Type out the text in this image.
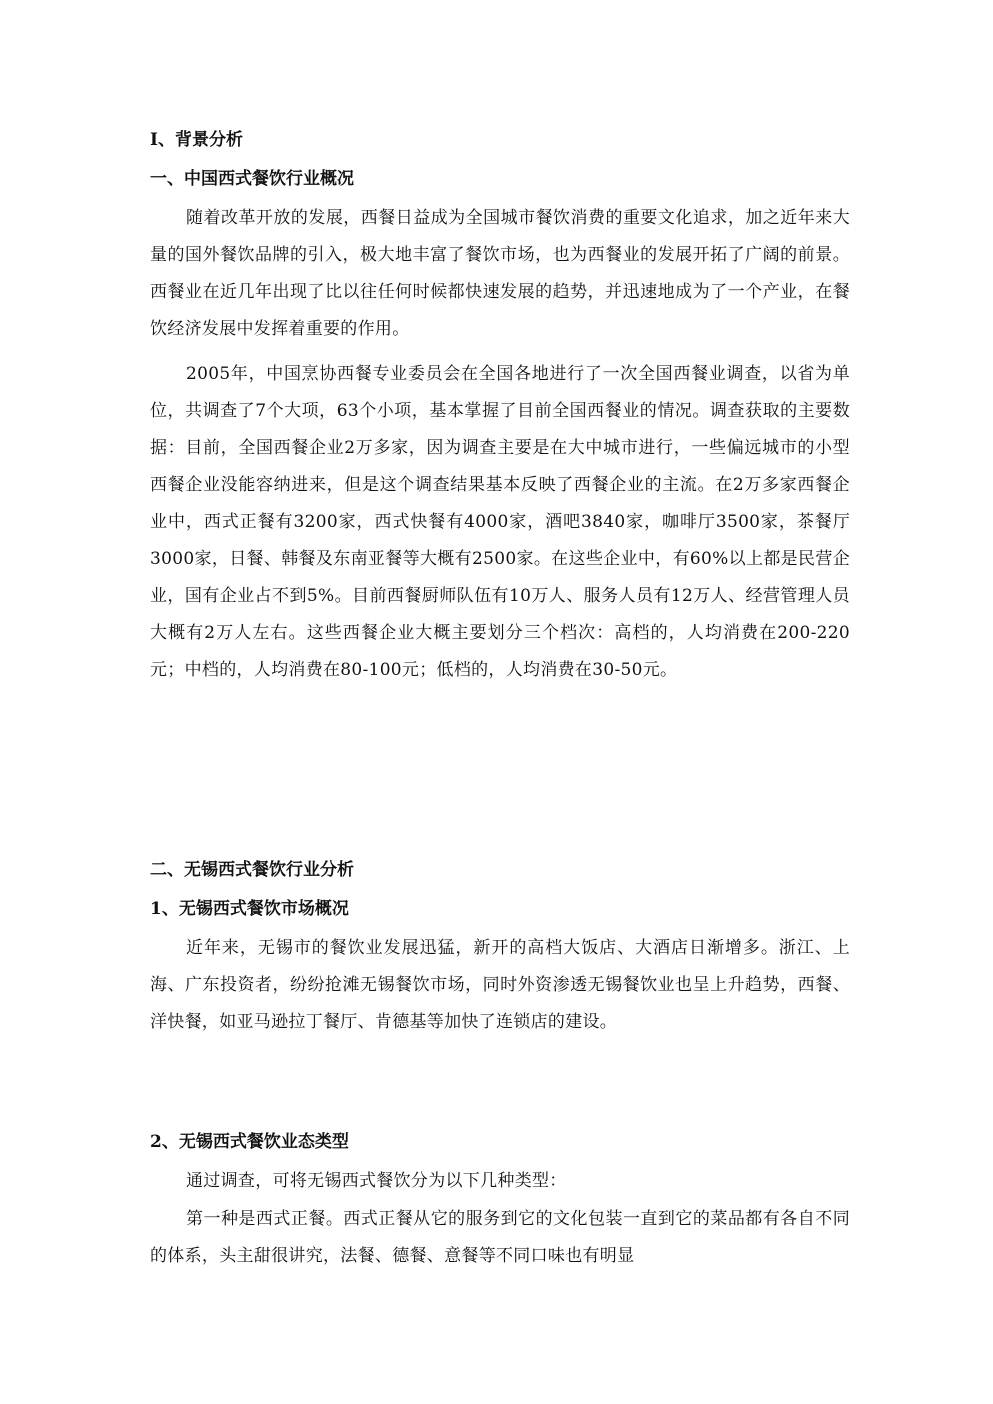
Ⅰ、背景分析
一、中国西式餐饮行业概况
随着改革开放的发展，西餐日益成为全国城市餐饮消费的重要文化追求，加之近年来大量的国外餐饮品牌的引入，极大地丰富了餐饮市场，也为西餐业的发展开拓了广阔的前景。西餐业在近几年出现了比以往任何时候都快速发展的趋势，并迅速地成为了一个产业，在餐饮经济发展中发挥着重要的作用。
2005年，中国烹协西餐专业委员会在全国各地进行了一次全国西餐业调查，以省为单位，共调查了7个大项，63个小项，基本掌握了目前全国西餐业的情况。调查获取的主要数据：目前，全国西餐企业2万多家，因为调查主要是在大中城市进行，一些偏远城市的小型西餐企业没能容纳进来，但是这个调查结果基本反映了西餐企业的主流。在2万多家西餐企业中，西式正餐有3200家，西式快餐有4000家，酒吧3840家，咖啡厅3500家，茶餐厅3000家，日餐、韩餐及东南亚餐等大概有2500家。在这些企业中，有60%以上都是民营企业，国有企业占不到5%。目前西餐厨师队伍有10万人、服务人员有12万人、经营管理人员大概有2万人左右。这些西餐企业大概主要划分三个档次：高档的，人均消费在200-220元；中档的，人均消费在80-100元；低档的，人均消费在30-50元。
二、无锡西式餐饮行业分析
1、无锡西式餐饮市场概况
近年来，无锡市的餐饮业发展迅猛，新开的高档大饭店、大酒店日渐增多。浙江、上海、广东投资者，纷纷抢滩无锡餐饮市场，同时外资渗透无锡餐饮业也呈上升趋势，西餐、洋快餐，如亚马逊拉丁餐厅、肯德基等加快了连锁店的建设。
2、无锡西式餐饮业态类型
通过调查，可将无锡西式餐饮分为以下几种类型：
第一种是西式正餐。西式正餐从它的服务到它的文化包装一直到它的菜品都有各自不同的体系，头主甜很讲究，法餐、德餐、意餐等不同口味也有明显
